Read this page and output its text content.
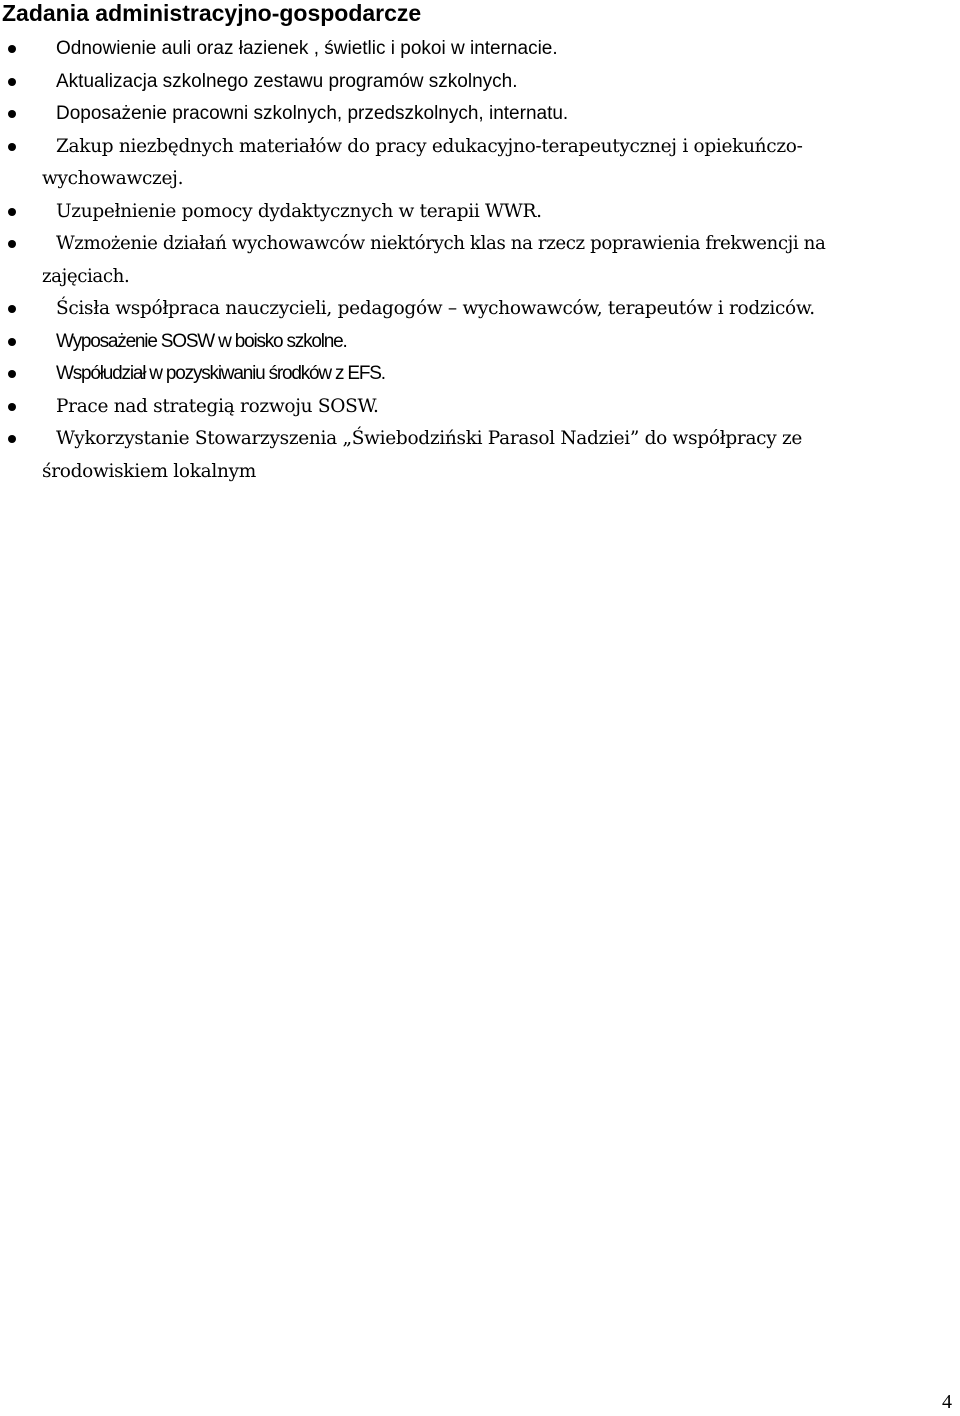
Zadania administracyjno-gospodarcze
Odnowienie auli oraz łazienek , świetlic i pokoi w internacie.
Aktualizacja szkolnego zestawu programów szkolnych.
Doposażenie pracowni szkolnych, przedszkolnych, internatu.
Zakup niezbędnych materiałów do pracy edukacyjno-terapeutycznej i opiekuńczo-
wychowawczej.
Uzupełnienie pomocy dydaktycznych w terapii WWR.
Wzmożenie działań wychowawców niektórych klas na rzecz poprawienia frekwencji na
zajęciach.
Ścisła współpraca nauczycieli, pedagogów – wychowawców, terapeutów i rodziców.
Wyposażenie SOSW w boisko szkolne.
Współudział w pozyskiwaniu środków z EFS.
Prace nad strategią rozwoju SOSW.
Wykorzystanie Stowarzyszenia „Świebodziński Parasol Nadziei” do współpracy ze
środowiskiem lokalnym

4
